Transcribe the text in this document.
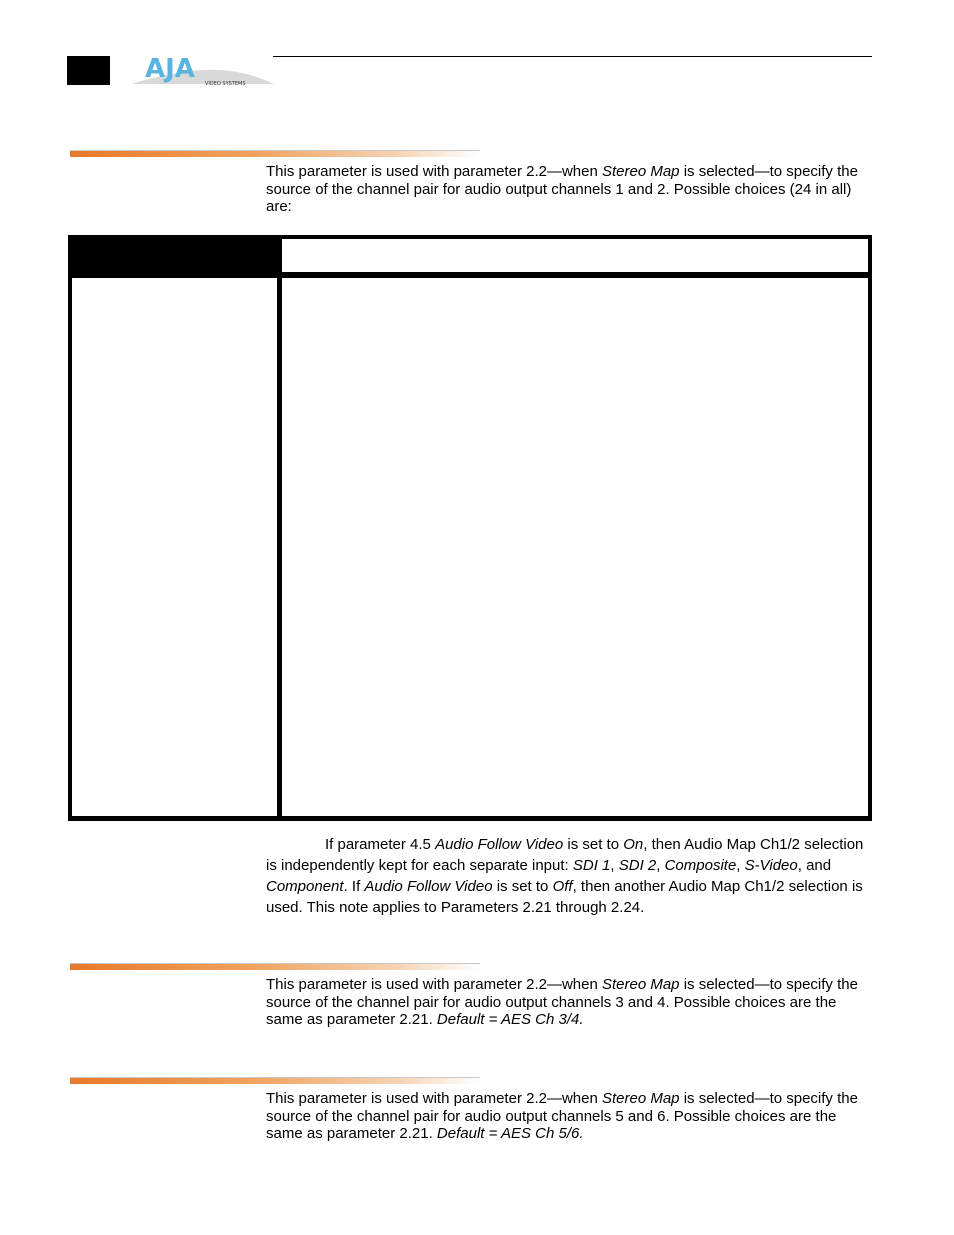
AJA VIDEO SYSTEMS

This parameter is used with parameter 2.2—when Stereo Map is selected—to specify the source of the channel pair for audio output channels 1 and 2. Possible choices (24 in all) are:

If parameter 4.5 Audio Follow Video is set to On, then Audio Map Ch1/2 selection is independently kept for each separate input: SDI 1, SDI 2, Composite, S-Video, and Component. If Audio Follow Video is set to Off, then another Audio Map Ch1/2 selection is used. This note applies to Parameters 2.21 through 2.24.

This parameter is used with parameter 2.2—when Stereo Map is selected—to specify the source of the channel pair for audio output channels 3 and 4. Possible choices are the same as parameter 2.21. Default = AES Ch 3/4.

This parameter is used with parameter 2.2—when Stereo Map is selected—to specify the source of the channel pair for audio output channels 5 and 6. Possible choices are the same as parameter 2.21. Default = AES Ch 5/6.
